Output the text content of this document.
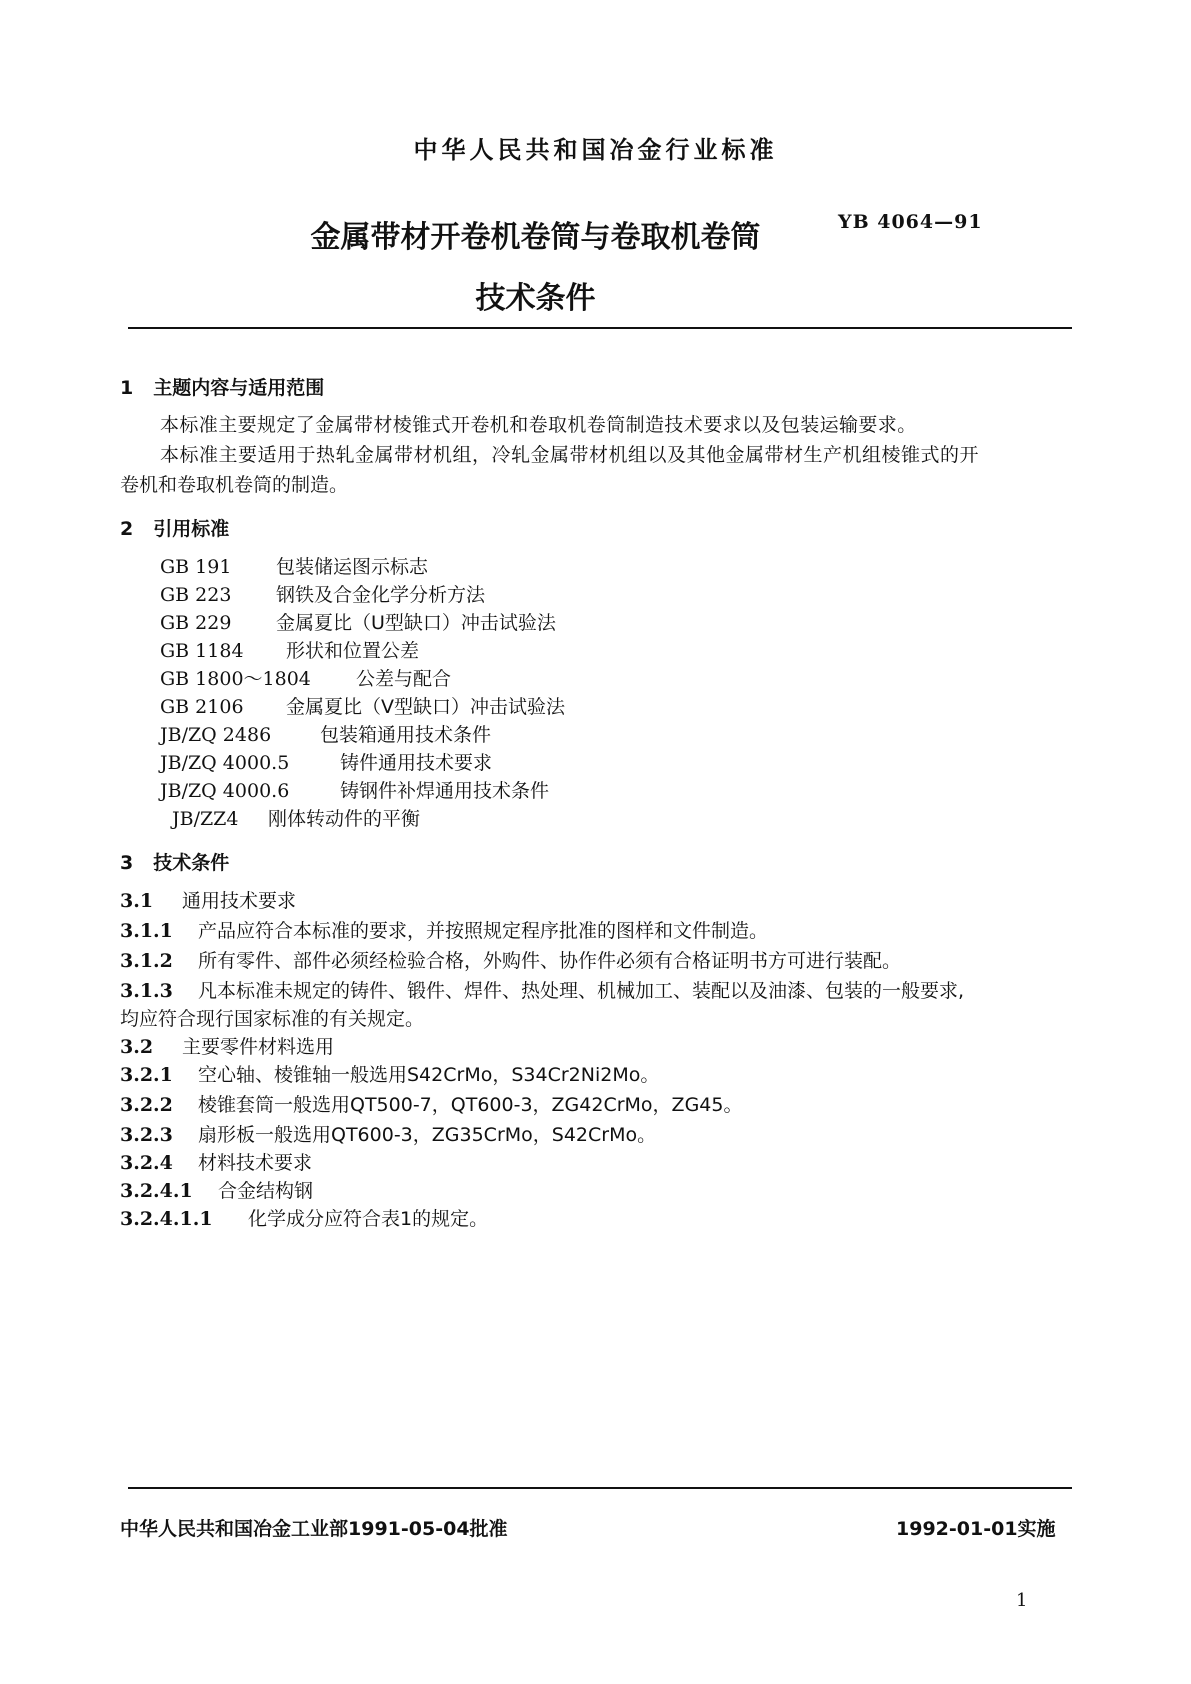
中华人民共和国冶金行业标准
YB 4064—91
金属带材开卷机卷筒与卷取机卷筒
技术条件
1 主题内容与适用范围
本标准主要规定了金属带材棱锥式开卷机和卷取机卷筒制造技术要求以及包装运输要求。
本标准主要适用于热轧金属带材机组，冷轧金属带材机组以及其他金属带材生产机组棱锥式的开
卷机和卷取机卷筒的制造。
2 引用标准
GB 191 包装储运图示标志
GB 223 钢铁及合金化学分析方法
GB 229 金属夏比（U型缺口）冲击试验法
GB 1184 形状和位置公差
GB 1800～1804 公差与配合
GB 2106 金属夏比（V型缺口）冲击试验法
JB/ZQ 2486	包装箱通用技术条件
JB/ZQ 4000.5	铸件通用技术要求
JB/ZQ 4000.6	铸钢件补焊通用技术条件
JB/ZZ4 刚体转动件的平衡
3 技术条件
3.1 通用技术要求
3.1.1 产品应符合本标准的要求，并按照规定程序批准的图样和文件制造。
3.1.2 所有零件、部件必须经检验合格，外购件、协作件必须有合格证明书方可进行装配。
3.1.3 凡本标准未规定的铸件、锻件、焊件、热处理、机械加工、装配以及油漆、包装的一般要求,
均应符合现行国家标准的有关规定。
3.2 主要零件材料选用
3.2.1 空心轴、棱锥轴一般选用S42CrMo，S34Cr2Ni2Mo。
3.2.2 棱锥套筒一般选用QT500-7，QT600-3，ZG42CrMo，ZG45。
3.2.3 扇形板一般选用QT600-3，ZG35CrMo，S42CrMo。
3.2.4 材料技术要求
3.2.4.1 合金结构钢
3.2.4.1.1 化学成分应符合表1的规定。
中华人民共和国冶金工业部1991-05-04批准	1992-01-01实施
1
